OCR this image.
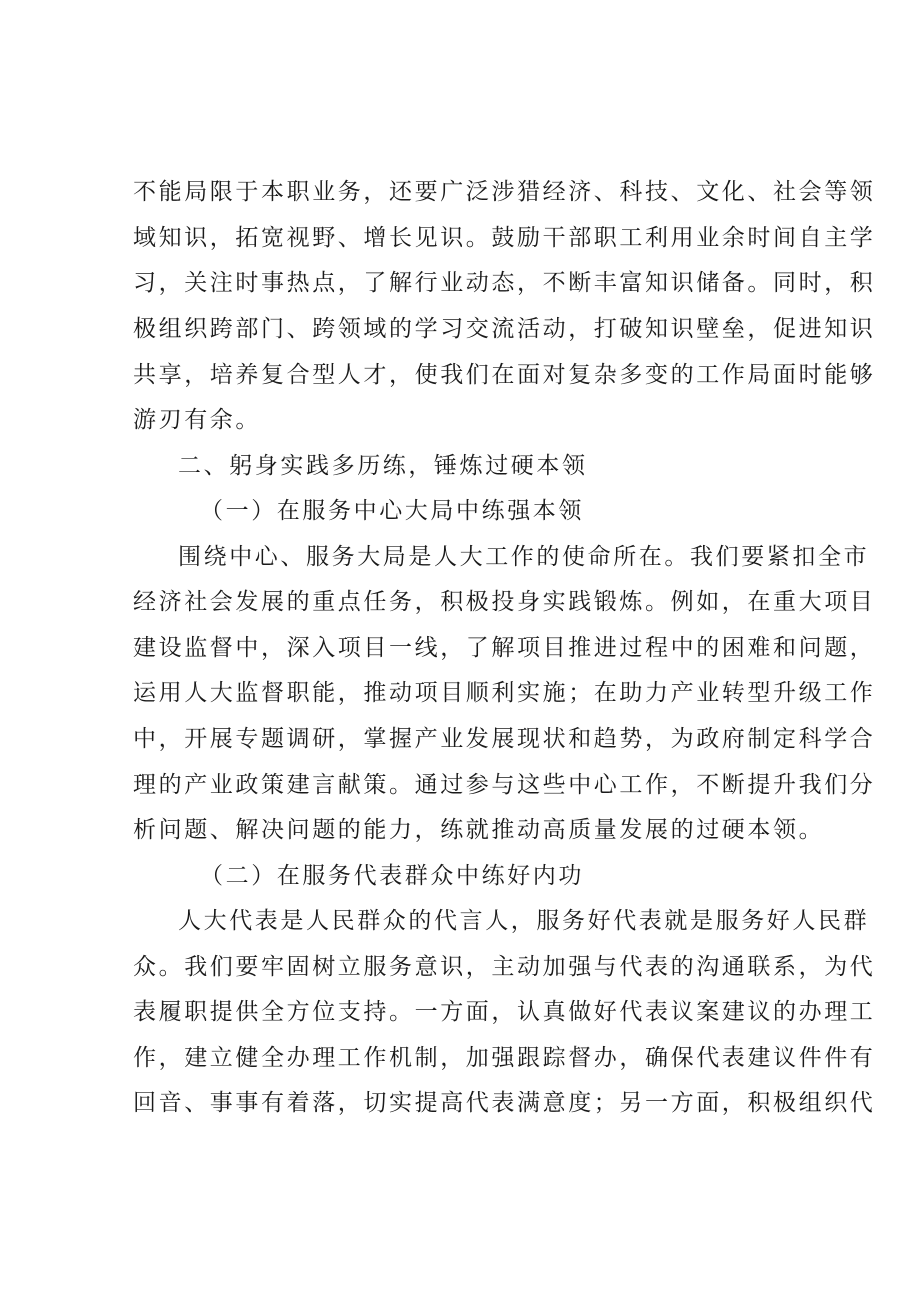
不能局限于本职业务，还要广泛涉猎经济、科技、文化、社会等领
域知识，拓宽视野、增长见识。鼓励干部职工利用业余时间自主学
习，关注时事热点，了解行业动态，不断丰富知识储备。同时，积
极组织跨部门、跨领域的学习交流活动，打破知识壁垒，促进知识
共享，培养复合型人才，使我们在面对复杂多变的工作局面时能够
游刃有余。
二、躬身实践多历练，锤炼过硬本领
（一）在服务中心大局中练强本领
围绕中心、服务大局是人大工作的使命所在。我们要紧扣全市
经济社会发展的重点任务，积极投身实践锻炼。例如，在重大项目
建设监督中，深入项目一线，了解项目推进过程中的困难和问题，
运用人大监督职能，推动项目顺利实施；在助力产业转型升级工作
中，开展专题调研，掌握产业发展现状和趋势，为政府制定科学合
理的产业政策建言献策。通过参与这些中心工作，不断提升我们分
析问题、解决问题的能力，练就推动高质量发展的过硬本领。
（二）在服务代表群众中练好内功
人大代表是人民群众的代言人，服务好代表就是服务好人民群
众。我们要牢固树立服务意识，主动加强与代表的沟通联系，为代
表履职提供全方位支持。一方面，认真做好代表议案建议的办理工
作，建立健全办理工作机制，加强跟踪督办，确保代表建议件件有
回音、事事有着落，切实提高代表满意度；另一方面，积极组织代
